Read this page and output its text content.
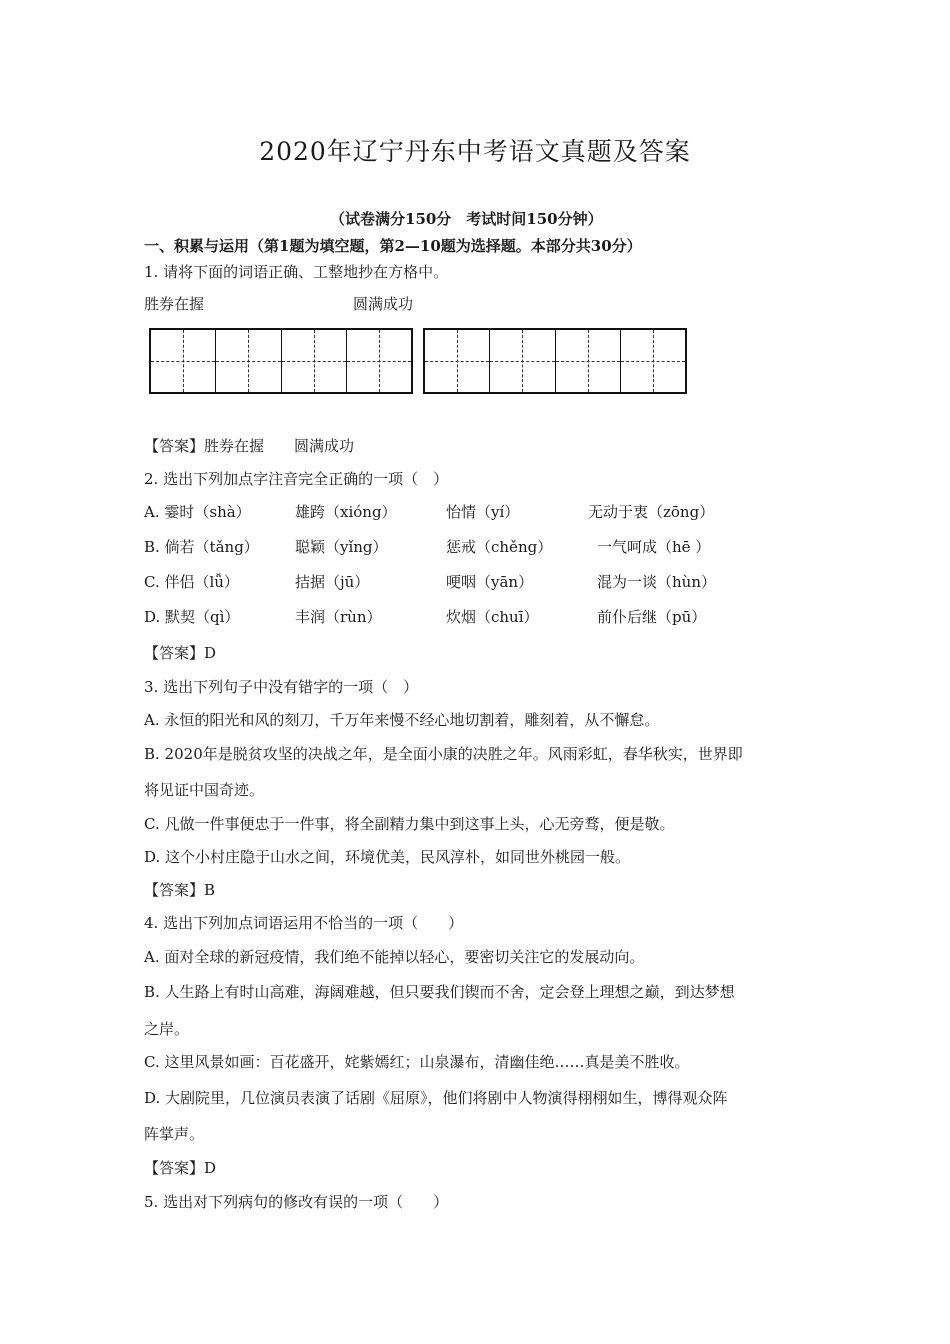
2020年辽宁丹东中考语文真题及答案
（试卷满分150分　考试时间150分钟）
一、积累与运用（第1题为填空题，第2—10题为选择题。本部分共30分）
1. 请将下面的词语正确、工整地抄在方格中。
胜券在握	圆满成功
【答案】胜券在握　　圆满成功
2. 选出下列加点字注音完全正确的一项（　）
A. 霎时（shà）	雄跨（xióng）	怡情（yí）	无动于衷（zōng）
B. 倘若（tǎng） 聪颖（yǐng）	惩戒（chěng）	一气呵成（hē ）
C. 伴侣（lǚ）	拮据（jū）	哽咽（yān）	混为一谈（hùn）
D. 默契（qì）	丰润（rùn）	炊烟（chuī）	前仆后继（pū）
【答案】D
3. 选出下列句子中没有错字的一项（　）
A. 永恒的阳光和风的刻刀，千万年来慢不经心地切割着，雕刻着，从不懈怠。
B. 2020年是脱贫攻坚的决战之年，是全面小康的决胜之年。风雨彩虹，春华秋实，世界即
将见证中国奇迹。
C. 凡做一件事便忠于一件事，将全副精力集中到这事上头，心无旁骛，便是敬。
D. 这个小村庄隐于山水之间，环境优美，民风淳朴，如同世外桃园一般。
【答案】B
4. 选出下列加点词语运用不恰当的一项（　　）
A. 面对全球的新冠疫情，我们绝不能掉以轻心，要密切关注它的发展动向。
B. 人生路上有时山高难，海阔难越，但只要我们锲而不舍，定会登上理想之巅，到达梦想
之岸。
C. 这里风景如画：百花盛开，姹紫嫣红；山泉瀑布，清幽佳绝……真是美不胜收。
D. 大剧院里，几位演员表演了话剧《屈原》，他们将剧中人物演得栩栩如生，博得观众阵
阵掌声。
【答案】D
5. 选出对下列病句的修改有误的一项（　　）
